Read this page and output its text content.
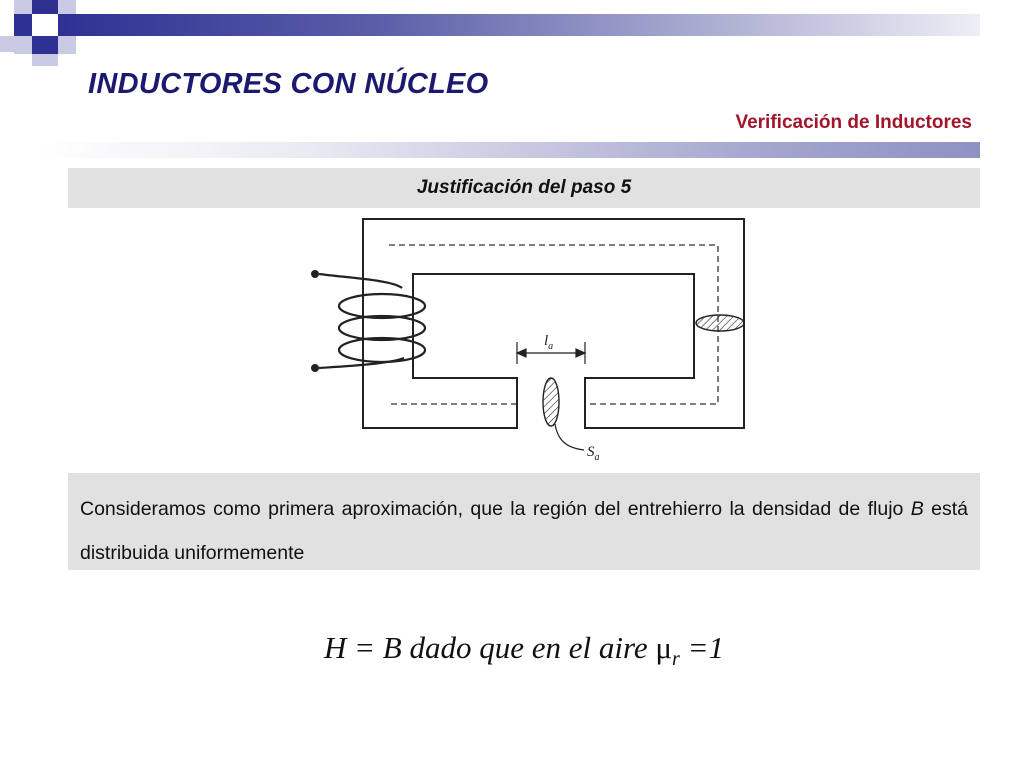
INDUCTORES CON NÚCLEO
Verificación de Inductores
Justificación del paso 5
$l_a$
$S_a$
Consideramos como primera aproximación, que la región del entrehierro la densidad de flujo B está distribuida uniformemente
H = B dado que en el aire $\mu_r =1$
